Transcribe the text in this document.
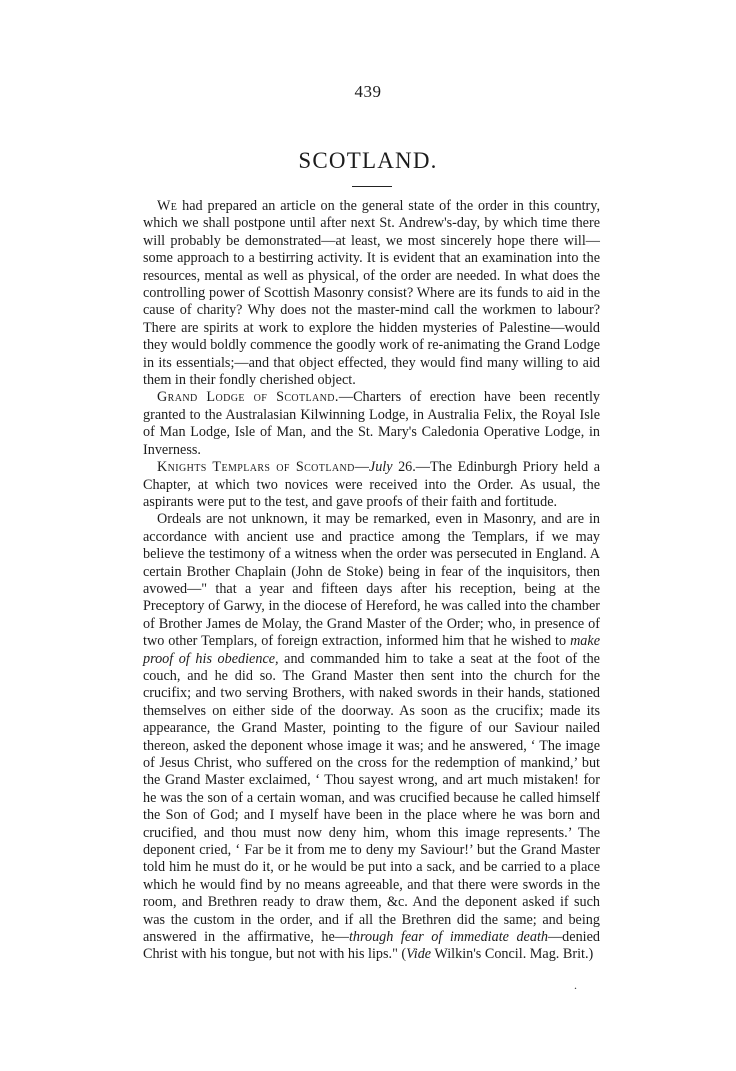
439
SCOTLAND.

We had prepared an article on the general state of the order in this country, which we shall postpone until after next St. Andrew's-day, by which time there will probably be demonstrated—at least, we most sincerely hope there will—some approach to a bestirring activity. It is evident that an examination into the resources, mental as well as physical, of the order are needed. In what does the controlling power of Scottish Masonry consist? Where are its funds to aid in the cause of charity? Why does not the master-mind call the workmen to labour? There are spirits at work to explore the hidden mysteries of Palestine—would they would boldly commence the goodly work of re-animating the Grand Lodge in its essentials;—and that object effected, they would find many willing to aid them in their fondly cherished object.

Grand Lodge of Scotland.—Charters of erection have been recently granted to the Australasian Kilwinning Lodge, in Australia Felix, the Royal Isle of Man Lodge, Isle of Man, and the St. Mary's Caledonia Operative Lodge, in Inverness.

Knights Templars of Scotland—July 26.—The Edinburgh Priory held a Chapter, at which two novices were received into the Order. As usual, the aspirants were put to the test, and gave proofs of their faith and fortitude.

Ordeals are not unknown, it may be remarked, even in Masonry, and are in accordance with ancient use and practice among the Templars, if we may believe the testimony of a witness when the order was persecuted in England. A certain Brother Chaplain (John de Stoke) being in fear of the inquisitors, then avowed—" that a year and fifteen days after his reception, being at the Preceptory of Garwy, in the diocese of Hereford, he was called into the chamber of Brother James de Molay, the Grand Master of the Order; who, in presence of two other Templars, of foreign extraction, informed him that he wished to make proof of his obedience, and commanded him to take a seat at the foot of the couch, and he did so. The Grand Master then sent into the church for the crucifix; and two serving Brothers, with naked swords in their hands, stationed themselves on either side of the doorway. As soon as the crucifix; made its appearance, the Grand Master, pointing to the figure of our Saviour nailed thereon, asked the deponent whose image it was; and he answered, ‘ The image of Jesus Christ, who suffered on the cross for the redemption of mankind,’ but the Grand Master exclaimed, ‘ Thou sayest wrong, and art much mistaken! for he was the son of a certain woman, and was crucified because he called himself the Son of God; and I myself have been in the place where he was born and crucified, and thou must now deny him, whom this image represents.’ The deponent cried, ‘ Far be it from me to deny my Saviour!’ but the Grand Master told him he must do it, or he would be put into a sack, and be carried to a place which he would find by no means agreeable, and that there were swords in the room, and Brethren ready to draw them, &c. And the deponent asked if such was the custom in the order, and if all the Brethren did the same; and being answered in the affirmative, he—through fear of immediate death—denied Christ with his tongue, but not with his lips." (Vide Wilkin's Concil. Mag. Brit.)

.
